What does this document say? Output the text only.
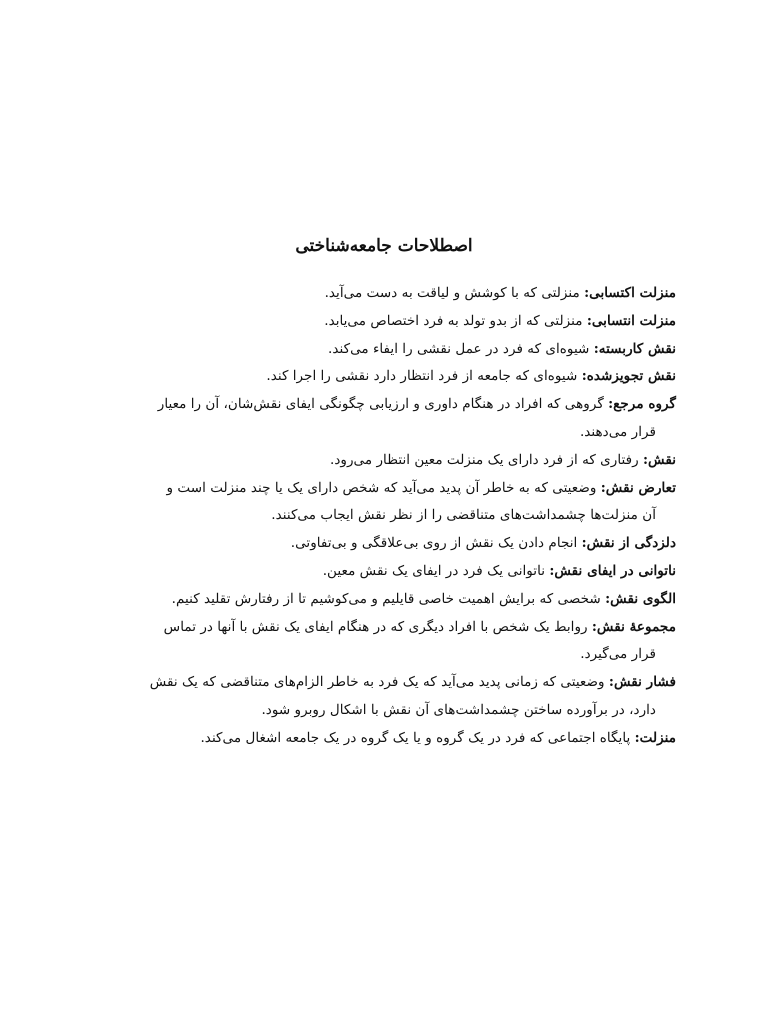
اصطلاحات جامعه‌شناختی
منزلت اکتسابی: منزلتی که با کوشش و لیاقت به دست می‌آید.
منزلت انتسابی: منزلتی که از بدو تولد به فرد اختصاص می‌یابد.
نقش کاربسته: شیوه‌ای که فرد در عمل نقشی را ایفاء می‌کند.
نقش تجویزشده: شیوه‌ای که جامعه از فرد انتظار دارد نقشی را اجرا کند.
گروه مرجع: گروهی که افراد در هنگام داوری و ارزیابی چگونگی ایفای نقش‌شان، آن را معیار
قرار می‌دهند.
نقش: رفتاری که از فرد دارای یک منزلت معین انتظار می‌رود.
تعارض نقش: وضعیتی که به خاطر آن پدید می‌آید که شخص دارای یک یا چند منزلت است و
آن منزلت‌ها چشمداشت‌های متناقضی را از نظر نقش ایجاب می‌کنند.
دلزدگی از نقش: انجام دادن یک نقش از روی بی‌علاقگی و بی‌تفاوتی.
ناتوانی در ایفای نقش: ناتوانی یک فرد در ایفای یک نقش معین.
الگوی نقش: شخصی که برایش اهمیت خاصی قایلیم و می‌کوشیم تا از رفتارش تقلید کنیم.
مجموعهٔ نقش: روابط یک شخص با افراد دیگری که در هنگام ایفای یک نقش با آنها در تماس
قرار می‌گیرد.
فشار نقش: وضعیتی که زمانی پدید می‌آید که یک فرد به خاطر الزام‌های متناقضی که یک نقش
دارد، در برآورده ساختن چشمداشت‌های آن نقش با اشکال روبرو شود.
منزلت: پایگاه اجتماعی که فرد در یک گروه و یا یک گروه در یک جامعه اشغال می‌کند.
